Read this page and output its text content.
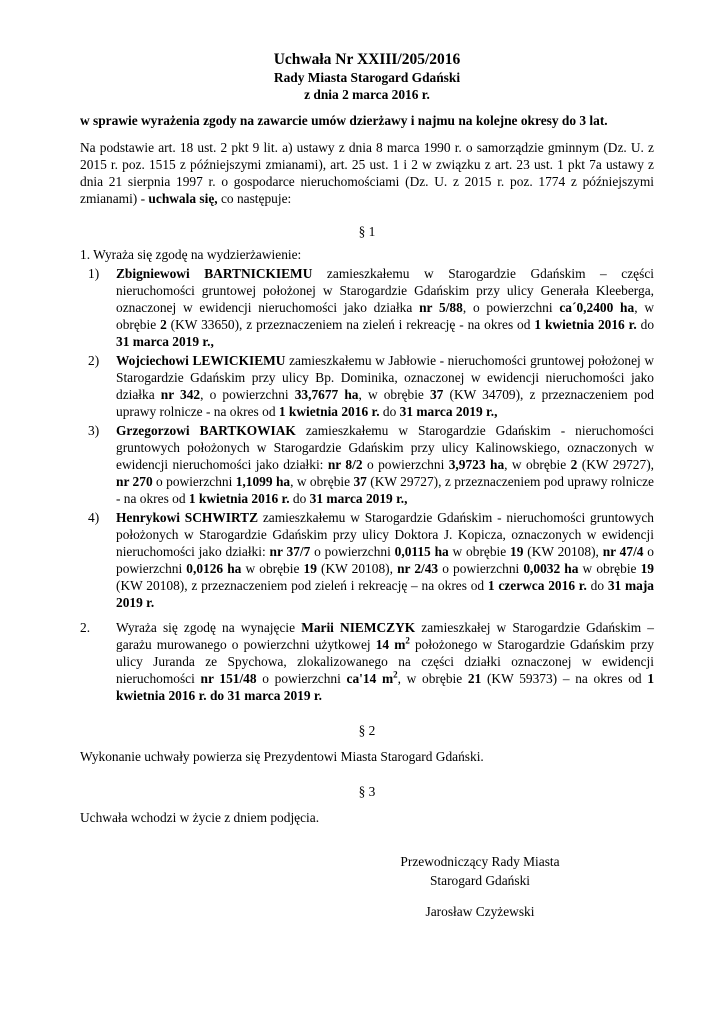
Uchwała Nr XXIII/205/2016
Rady Miasta Starogard Gdański
z dnia 2 marca 2016 r.
w sprawie wyrażenia zgody na zawarcie umów dzierżawy i najmu na kolejne okresy do 3 lat.
Na podstawie art. 18 ust. 2 pkt 9 lit. a) ustawy z dnia 8 marca 1990 r. o samorządzie gminnym (Dz. U. z 2015 r. poz. 1515 z późniejszymi zmianami), art. 25 ust. 1 i 2 w związku z art. 23 ust. 1 pkt 7a ustawy z dnia 21 sierpnia 1997 r. o gospodarce nieruchomościami (Dz. U. z 2015 r. poz. 1774 z późniejszymi zmianami) - uchwala się, co następuje:
§ 1
1. Wyraża się zgodę na wydzierżawienie:
1) Zbigniewowi BARTNICKIEMU zamieszkałemu w Starogardzie Gdańskim – części nieruchomości gruntowej położonej w Starogardzie Gdańskim przy ulicy Generała Kleeberga, oznaczonej w ewidencji nieruchomości jako działka nr 5/88, o powierzchni ca´0,2400 ha, w obrębie 2 (KW 33650), z przeznaczeniem na zieleń i rekreację - na okres od 1 kwietnia 2016 r. do 31 marca 2019 r.,
2) Wojciechowi LEWICKIEMU zamieszkałemu w Jabłowie - nieruchomości gruntowej położonej w Starogardzie Gdańskim przy ulicy Bp. Dominika, oznaczonej w ewidencji nieruchomości jako działka nr 342, o powierzchni 33,7677 ha, w obrębie 37 (KW 34709), z przeznaczeniem pod uprawy rolnicze - na okres od 1 kwietnia 2016 r. do 31 marca 2019 r.,
3) Grzegorzowi BARTKOWIAK zamieszkałemu w Starogardzie Gdańskim - nieruchomości gruntowych położonych w Starogardzie Gdańskim przy ulicy Kalinowskiego, oznaczonych w ewidencji nieruchomości jako działki: nr 8/2 o powierzchni 3,9723 ha, w obrębie 2 (KW 29727), nr 270 o powierzchni 1,1099 ha, w obrębie 37 (KW 29727), z przeznaczeniem pod uprawy rolnicze - na okres od 1 kwietnia 2016 r. do 31 marca 2019 r.,
4) Henrykowi SCHWIRTZ zamieszkałemu w Starogardzie Gdańskim - nieruchomości gruntowych położonych w Starogardzie Gdańskim przy ulicy Doktora J. Kopicza, oznaczonych w ewidencji nieruchomości jako działki: nr 37/7 o powierzchni 0,0115 ha w obrębie 19 (KW 20108), nr 47/4 o powierzchni 0,0126 ha w obrębie 19 (KW 20108), nr 2/43 o powierzchni 0,0032 ha w obrębie 19 (KW 20108), z przeznaczeniem pod zieleń i rekreację – na okres od 1 czerwca 2016 r. do 31 maja 2019 r.
2. Wyraża się zgodę na wynajęcie Marii NIEMCZYK zamieszkałej w Starogardzie Gdańskim – garażu murowanego o powierzchni użytkowej 14 $m^2$ położonego w Starogardzie Gdańskim przy ulicy Juranda ze Spychowa, zlokalizowanego na części działki oznaczonej w ewidencji nieruchomości nr 151/48 o powierzchni ca'14 $m^2$, w obrębie 21 (KW 59373) – na okres od 1 kwietnia 2016 r. do 31 marca 2019 r.
§ 2
Wykonanie uchwały powierza się Prezydentowi Miasta Starogard Gdański.
§ 3
Uchwała wchodzi w życie z dniem podjęcia.
Przewodniczący Rady Miasta
Starogard Gdański
Jarosław Czyżewski
